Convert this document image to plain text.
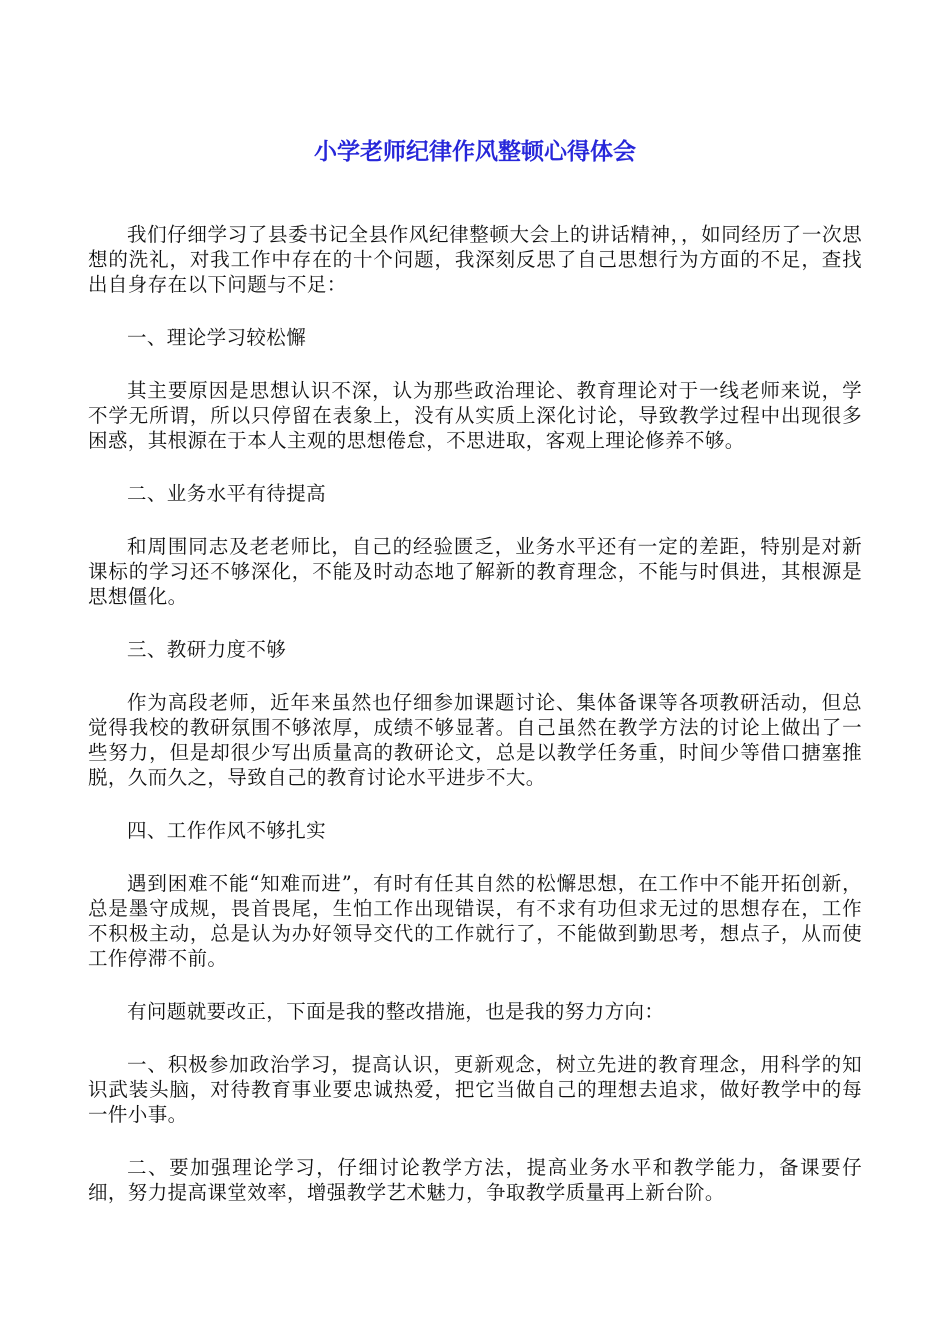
小学老师纪律作风整顿心得体会

我们仔细学习了县委书记全县作风纪律整顿大会上的讲话精神，，如同经历了一次思想的洗礼，对我工作中存在的十个问题，我深刻反思了自己思想行为方面的不足，查找出自身存在以下问题与不足：

一、理论学习较松懈

其主要原因是思想认识不深，认为那些政治理论、教育理论对于一线老师来说，学不学无所谓，所以只停留在表象上，没有从实质上深化讨论，导致教学过程中出现很多困惑，其根源在于本人主观的思想倦怠，不思进取，客观上理论修养不够。

二、业务水平有待提高

和周围同志及老老师比，自己的经验匮乏，业务水平还有一定的差距，特别是对新课标的学习还不够深化，不能及时动态地了解新的教育理念，不能与时俱进，其根源是思想僵化。

三、教研力度不够

作为高段老师，近年来虽然也仔细参加课题讨论、集体备课等各项教研活动，但总觉得我校的教研氛围不够浓厚，成绩不够显著。自己虽然在教学方法的讨论上做出了一些努力，但是却很少写出质量高的教研论文，总是以教学任务重，时间少等借口搪塞推脱，久而久之，导致自己的教育讨论水平进步不大。

四、工作作风不够扎实

遇到困难不能“知难而进”，有时有任其自然的松懈思想，在工作中不能开拓创新，总是墨守成规，畏首畏尾，生怕工作出现错误，有不求有功但求无过的思想存在，工作不积极主动，总是认为办好领导交代的工作就行了，不能做到勤思考，想点子，从而使工作停滞不前。

有问题就要改正，下面是我的整改措施，也是我的努力方向：

一、积极参加政治学习，提高认识，更新观念，树立先进的教育理念，用科学的知识武装头脑，对待教育事业要忠诚热爱，把它当做自己的理想去追求，做好教学中的每一件小事。

二、要加强理论学习，仔细讨论教学方法，提高业务水平和教学能力，备课要仔细，努力提高课堂效率，增强教学艺术魅力，争取教学质量再上新台阶。
